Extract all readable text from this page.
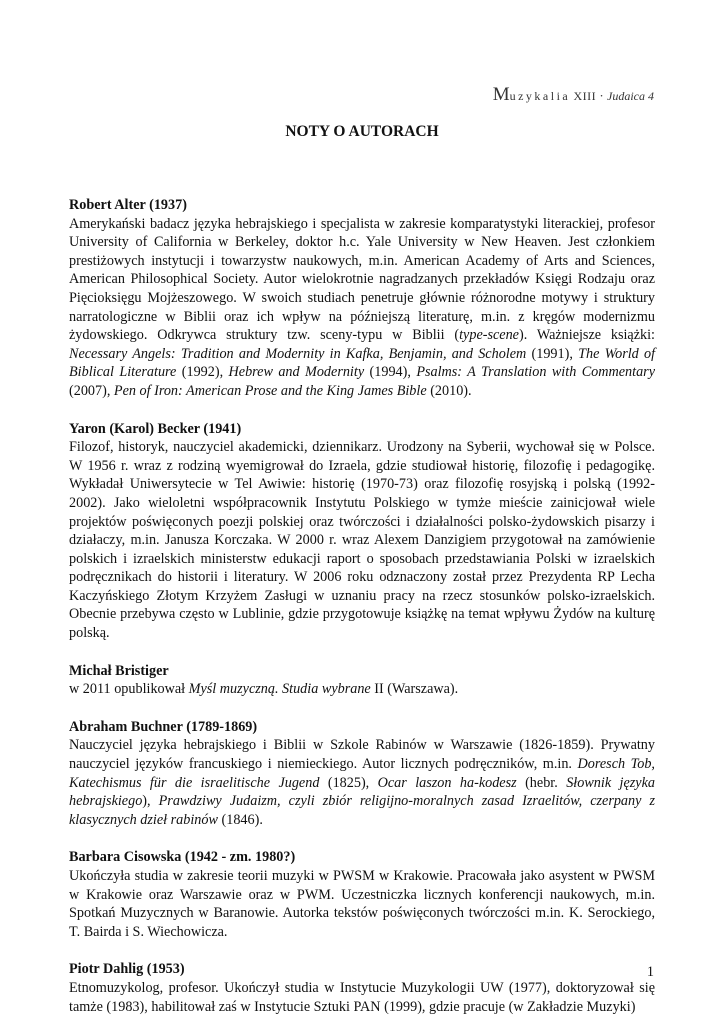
Muzykalia XIII · Judaica 4
NOTY O AUTORACH
Robert Alter (1937)
Amerykański badacz języka hebrajskiego i specjalista w zakresie komparatystyki literackiej, profesor University of California w Berkeley, doktor h.c. Yale University w New Heaven. Jest członkiem prestiżowych instytucji i towarzystw naukowych, m.in. American Academy of Arts and Sciences, American Philosophical Society. Autor wielokrotnie nagradzanych przekładów Księgi Rodzaju oraz Pięcioksięgu Mojżeszowego. W swoich studiach penetruje głównie różnorodne motywy i struktury narratologiczne w Biblii oraz ich wpływ na późniejszą literaturę, m.in. z kręgów modernizmu żydowskiego. Odkrywca struktury tzw. sceny-typu w Biblii (type-scene). Ważniejsze książki: Necessary Angels: Tradition and Modernity in Kafka, Benjamin, and Scholem (1991), The World of Biblical Literature (1992), Hebrew and Modernity (1994), Psalms: A Translation with Commentary (2007), Pen of Iron: American Prose and the King James Bible (2010).
Yaron (Karol) Becker (1941)
Filozof, historyk, nauczyciel akademicki, dziennikarz. Urodzony na Syberii, wychował się w Polsce. W 1956 r. wraz z rodziną wyemigrował do Izraela, gdzie studiował historię, filozofię i pedagogikę. Wykładał Uniwersytecie w Tel Awiwie: historię (1970-73) oraz filozofię rosyjską i polską (1992-2002). Jako wieloletni współpracownik Instytutu Polskiego w tymże mieście zainicjował wiele projektów poświęconych poezji polskiej oraz twórczości i działalności polsko-żydowskich pisarzy i działaczy, m.in. Janusza Korczaka. W 2000 r. wraz Alexem Danzigiem przygotował na zamówienie polskich i izraelskich ministerstw edukacji raport o sposobach przedstawiania Polski w izraelskich podręcznikach do historii i literatury. W 2006 roku odznaczony został przez Prezydenta RP Lecha Kaczyńskiego Złotym Krzyżem Zasługi w uznaniu pracy na rzecz stosunków polsko-izraelskich. Obecnie przebywa często w Lublinie, gdzie przygotowuje książkę na temat wpływu Żydów na kulturę polską.
Michał Bristiger
w 2011 opublikował Myśl muzyczną. Studia wybrane II (Warszawa).
Abraham Buchner (1789-1869)
Nauczyciel języka hebrajskiego i Biblii w Szkole Rabinów w Warszawie (1826-1859). Prywatny nauczyciel języków francuskiego i niemieckiego. Autor licznych podręczników, m.in. Doresch Tob, Katechismus für die israelitische Jugend (1825), Ocar laszon ha-kodesz (hebr. Słownik języka hebrajskiego), Prawdziwy Judaizm, czyli zbiór religijno-moralnych zasad Izraelitów, czerpany z klasycznych dzieł rabinów (1846).
Barbara Cisowska (1942 - zm. 1980?)
Ukończyła studia w zakresie teorii muzyki w PWSM w Krakowie. Pracowała jako asystent w PWSM w Krakowie oraz Warszawie oraz w PWM. Uczestniczka licznych konferencji naukowych, m.in. Spotkań Muzycznych w Baranowie. Autorka tekstów poświęconych twórczości m.in. K. Serockiego, T. Bairda i S. Wiechowicza.
Piotr Dahlig (1953)
Etnomuzykolog, profesor. Ukończył studia w Instytucie Muzykologii UW (1977), doktoryzował się tamże (1983), habilitował zaś w Instytucie Sztuki PAN (1999), gdzie pracuje (w Zakładzie Muzyki)
1
